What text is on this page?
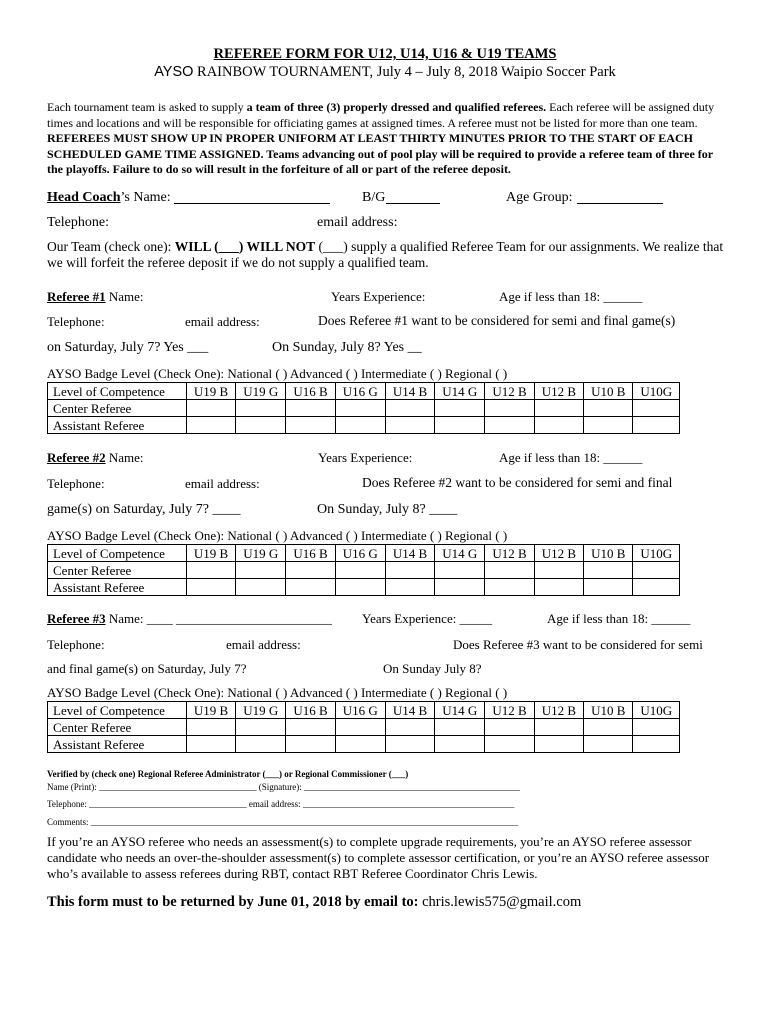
REFEREE FORM FOR U12, U14, U16 & U19 TEAMS
AYSO RAINBOW TOURNAMENT, July 4 – July 8, 2018 Waipio Soccer Park
Each tournament team is asked to supply a team of three (3) properly dressed and qualified referees. Each referee will be assigned duty times and locations and will be responsible for officiating games at assigned times. A referee must not be listed for more than one team. REFEREES MUST SHOW UP IN PROPER UNIFORM AT LEAST THIRTY MINUTES PRIOR TO THE START OF EACH SCHEDULED GAME TIME ASSIGNED. Teams advancing out of pool play will be required to provide a referee team of three for the playoffs. Failure to do so will result in the forfeiture of all or part of the referee deposit.
Head Coach’s Name:	B/G	Age Group:
Telephone:	email address:
Our Team (check one): WILL (___) WILL NOT (___) supply a qualified Referee Team for our assignments. We realize that we will forfeit the referee deposit if we do not supply a qualified team.
Referee #1 Name:	Years Experience:	Age if less than 18: ______
Telephone:	email address:	Does Referee #1 want to be considered for semi and final game(s)
on Saturday, July 7? Yes ___	On Sunday, July 8? Yes __
AYSO Badge Level (Check One): National ( ) Advanced ( ) Intermediate ( ) Regional ( )
Level of Competence	U19 B	U19 G	U16 B	U16 G	U14 B	U14 G	U12 B	U12 B	U10 B	U10G
Center Referee										
Assistant Referee										
Referee #2 Name:	Years Experience:	Age if less than 18: ______
Telephone:	email address:	Does Referee #2 want to be considered for semi and final
game(s) on Saturday, July 7? ____	On Sunday, July 8? ____
AYSO Badge Level (Check One): National ( ) Advanced ( ) Intermediate ( ) Regional ( )
Level of Competence	U19 B	U19 G	U16 B	U16 G	U14 B	U14 G	U12 B	U12 B	U10 B	U10G
Center Referee										
Assistant Referee										
Referee #3 Name: ____ ________________________ Years Experience: _____	Age if less than 18: ______
Telephone:	email address:	Does Referee #3 want to be considered for semi
and final game(s) on Saturday, July 7?	On Sunday July 8?
AYSO Badge Level (Check One): National ( ) Advanced ( ) Intermediate ( ) Regional ( )
Level of Competence	U19 B	U19 G	U16 B	U16 G	U14 B	U14 G	U12 B	U12 B	U10 B	U10G
Center Referee										
Assistant Referee										
Verified by (check one) Regional Referee Administrator (___) or Regional Commissioner (___)
Name (Print): ___________________________________ (Signature): ________________________________________________
Telephone: ___________________________________ email address: _______________________________________________
Comments: _______________________________________________________________________________________________
If you’re an AYSO referee who needs an assessment(s) to complete upgrade requirements, you’re an AYSO referee assessor candidate who needs an over-the-shoulder assessment(s) to complete assessor certification, or you’re an AYSO referee assessor who’s available to assess referees during RBT, contact RBT Referee Coordinator Chris Lewis.
This form must to be returned by June 01, 2018 by email to: chris.lewis575@gmail.com
